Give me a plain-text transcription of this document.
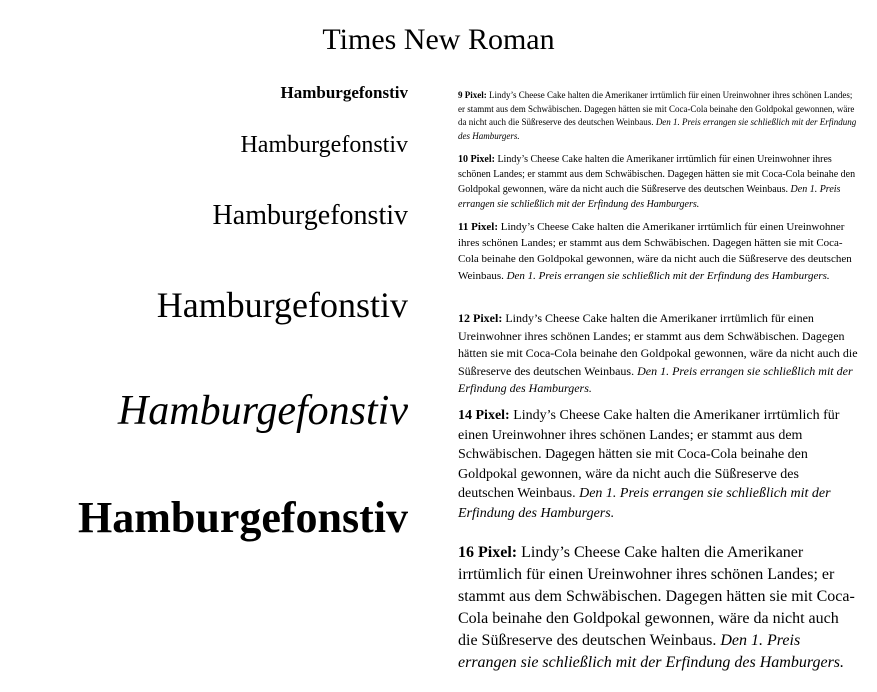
Times New Roman
Hamburgefonstiv
Hamburgefonstiv
Hamburgefonstiv
Hamburgefonstiv
Hamburgefonstiv
Hamburgefonstiv

9 Pixel: Lindy’s Cheese Cake halten die Amerikaner irrtümlich für einen Ureinwohner ihres schönen Landes; er stammt aus dem Schwäbischen. Dagegen hätten sie mit Coca-Cola beinahe den Goldpokal gewonnen, wäre da nicht auch die Süßreserve des deutschen Weinbaus. Den 1. Preis errangen sie schließlich mit der Erfindung des Hamburgers.

10 Pixel: Lindy’s Cheese Cake halten die Amerikaner irrtümlich für einen Ureinwohner ihres schönen Landes; er stammt aus dem Schwäbischen. Dagegen hätten sie mit Coca-Cola beinahe den Goldpokal gewonnen, wäre da nicht auch die Süßreserve des deutschen Weinbaus. Den 1. Preis errangen sie schließlich mit der Erfindung des Hamburgers.

11 Pixel: Lindy’s Cheese Cake halten die Amerikaner irrtümlich für einen Ureinwohner ihres schönen Landes; er stammt aus dem Schwäbischen. Dagegen hätten sie mit Coca-Cola beinahe den Goldpokal gewonnen, wäre da nicht auch die Süßreserve des deutschen Weinbaus. Den 1. Preis errangen sie schließlich mit der Erfindung des Hamburgers.

12 Pixel: Lindy’s Cheese Cake halten die Amerikaner irrtümlich für einen Ureinwohner ihres schönen Landes; er stammt aus dem Schwäbischen. Dagegen hätten sie mit Coca-Cola beinahe den Goldpokal gewonnen, wäre da nicht auch die Süßreserve des deutschen Weinbaus. Den 1. Preis errangen sie schließlich mit der Erfindung des Hamburgers.

14 Pixel: Lindy’s Cheese Cake halten die Amerikaner irrtümlich für einen Ureinwohner ihres schönen Landes; er stammt aus dem Schwäbischen. Dagegen hätten sie mit Coca-Cola beinahe den Goldpokal gewonnen, wäre da nicht auch die Süßreserve des deutschen Weinbaus. Den 1. Preis errangen sie schließlich mit der Erfindung des Hamburgers.

16 Pixel: Lindy’s Cheese Cake halten die Amerikaner irrtümlich für einen Ureinwohner ihres schönen Landes; er stammt aus dem Schwäbischen. Dagegen hätten sie mit Coca-Cola beinahe den Goldpokal gewonnen, wäre da nicht auch die Süßreserve des deutschen Weinbaus. Den 1. Preis errangen sie schließlich mit der Erfindung des Hamburgers.
